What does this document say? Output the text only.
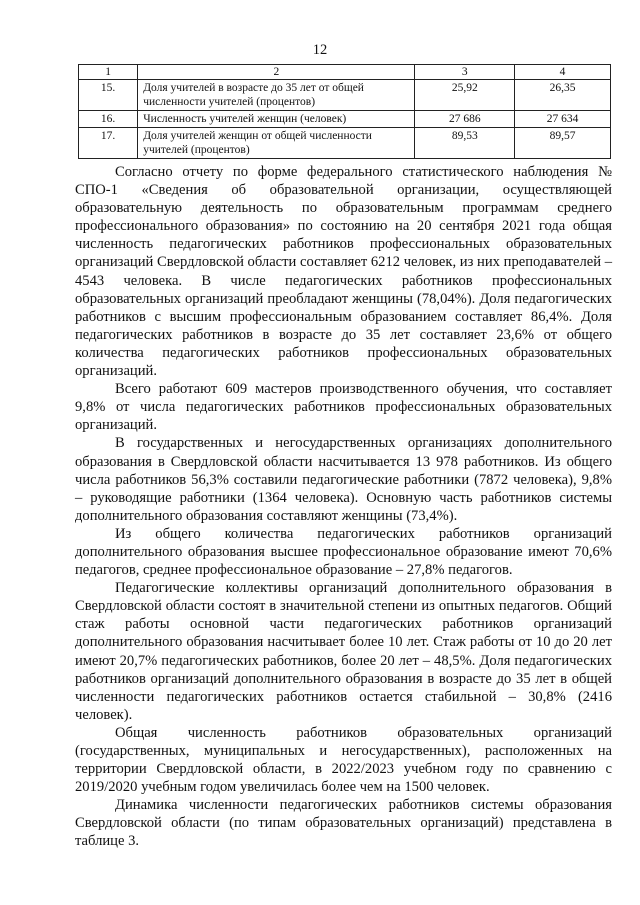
12
1	2	3	4
15.	Доля учителей в возрасте до 35 лет от общей численности учителей (процентов)	25,92	26,35
16.	Численность учителей женщин (человек)	27 686	27 634
17.	Доля учителей женщин от общей численности учителей (процентов)	89,53	89,57

Согласно отчету по форме федерального статистического наблюдения № СПО-1 «Сведения об образовательной организации, осуществляющей образовательную деятельность по образовательным программам среднего профессионального образования» по состоянию на 20 сентября 2021 года общая численность педагогических работников профессиональных образовательных организаций Свердловской области составляет 6212 человек, из них преподавателей – 4543 человека. В числе педагогических работников профессиональных образовательных организаций преобладают женщины (78,04%). Доля педагогических работников с высшим профессиональным образованием составляет 86,4%. Доля педагогических работников в возрасте до 35 лет составляет 23,6% от общего количества педагогических работников профессиональных образовательных организаций.

Всего работают 609 мастеров производственного обучения, что составляет 9,8% от числа педагогических работников профессиональных образовательных организаций.

В государственных и негосударственных организациях дополнительного образования в Свердловской области насчитывается 13 978 работников. Из общего числа работников 56,3% составили педагогические работники (7872 человека), 9,8% – руководящие работники (1364 человека). Основную часть работников системы дополнительного образования составляют женщины (73,4%).

Из общего количества педагогических работников организаций дополнительного образования высшее профессиональное образование имеют 70,6% педагогов, среднее профессиональное образование – 27,8% педагогов.

Педагогические коллективы организаций дополнительного образования в Свердловской области состоят в значительной степени из опытных педагогов. Общий стаж работы основной части педагогических работников организаций дополнительного образования насчитывает более 10 лет. Стаж работы от 10 до 20 лет имеют 20,7% педагогических работников, более 20 лет – 48,5%. Доля педагогических работников организаций дополнительного образования в возрасте до 35 лет в общей численности педагогических работников остается стабильной – 30,8% (2416 человек).

Общая численность работников образовательных организаций (государственных, муниципальных и негосударственных), расположенных на территории Свердловской области, в 2022/2023 учебном году по сравнению с 2019/2020 учебным годом увеличилась более чем на 1500 человек.

Динамика численности педагогических работников системы образования Свердловской области (по типам образовательных организаций) представлена в таблице 3.
